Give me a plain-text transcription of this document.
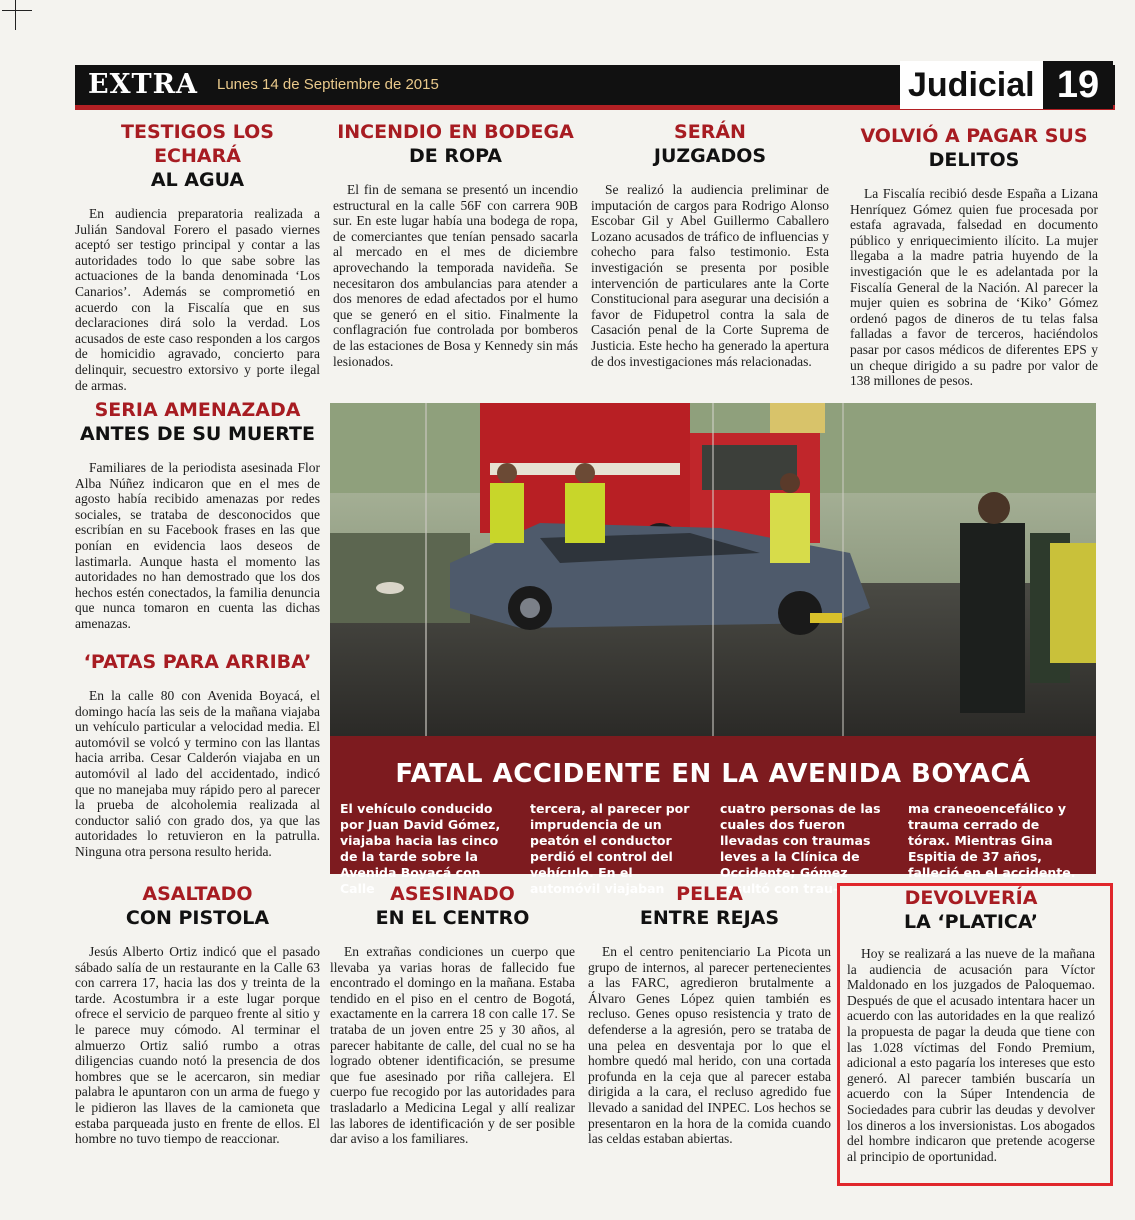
EXTRA Lunes 14 de Septiembre de 2015	Judicial 19
TESTIGOS LOS ECHARÁ
AL AGUA

En audiencia preparatoria realizada a Julián Sandoval Forero el pasado viernes aceptó ser testigo principal y contar a las autoridades todo lo que sabe sobre las actuaciones de la banda denominada ‘Los Canarios’. Además se comprometió en acuerdo con la Fiscalía que en sus declaraciones dirá solo la verdad. Los acusados de este caso responden a los cargos de homicidio agravado, concierto para delinquir, secuestro extorsivo y porte ilegal de armas.

INCENDIO EN BODEGA
DE ROPA

El fin de semana se presentó un incendio estructural en la calle 56F con carrera 90B sur. En este lugar había una bodega de ropa, de comerciantes que tenían pensado sacarla al mercado en el mes de diciembre aprovechando la temporada navideña. Se necesitaron dos ambulancias para atender a dos menores de edad afectados por el humo que se generó en el sitio. Finalmente la conflagración fue controlada por bomberos de las estaciones de Bosa y Kennedy sin más lesionados.

SERÁN
JUZGADOS

Se realizó la audiencia preliminar de imputación de cargos para Rodrigo Alonso Escobar Gil y Abel Guillermo Caballero Lozano acusados de tráfico de influencias y cohecho para falso testimonio. Esta investigación se presenta por posible intervención de particulares ante la Corte Constitucional para asegurar una decisión a favor de Fidupetrol contra la sala de Casación penal de la Corte Suprema de Justicia. Este hecho ha generado la apertura de dos investigaciones más relacionadas.

VOLVIÓ A PAGAR SUS
DELITOS

La Fiscalía recibió desde España a Lizana Henríquez Gómez quien fue procesada por estafa agravada, falsedad en documento público y enriquecimiento ilícito. La mujer llegaba a la madre patria huyendo de la investigación que le es adelantada por la Fiscalía General de la Nación. Al parecer la mujer quien es sobrina de ‘Kiko’ Gómez ordenó pagos de dineros de tu telas falsa falladas a favor de terceros, haciéndolos pasar por casos médicos de diferentes EPS y un cheque dirigido a su padre por valor de 138 millones de pesos.

SERIA AMENAZADA
ANTES DE SU MUERTE

Familiares de la periodista asesinada Flor Alba Núñez indicaron que en el mes de agosto había recibido amenazas por redes sociales, se trataba de desconocidos que escribían en su Facebook frases en las que ponían en evidencia laos deseos de lastimarla. Aunque hasta el momento las autoridades no han demostrado que los dos hechos estén conectados, la familia denuncia que nunca tomaron en cuenta las dichas amenazas.

‘PATAS PARA ARRIBA’

En la calle 80 con Avenida Boyacá, el domingo hacía las seis de la mañana viajaba un vehículo particular a velocidad media. El automóvil se volcó y termino con las llantas hacia arriba. Cesar Calderón viajaba en un automóvil al lado del accidentado, indicó que no manejaba muy rápido pero al parecer la prueba de alcoholemia realizada al conductor salió con grado dos, ya que las autoridades lo retuvieron en la patrulla. Ninguna otra persona resulto herida.

FATAL ACCIDENTE EN LA AVENIDA BOYACÁ

El vehículo conducido por Juan David Gómez, viajaba hacia las cinco de la tarde sobre la Avenida Boyacá con Calle

tercera, al parecer por imprudencia de un peatón el conductor perdió el control del vehículo. En el automóvil viajaban

cuatro personas de las cuales dos fueron llevadas con traumas leves a la Clínica de Occidente; Gómez resultó con trau-

ma craneoencefálico y trauma cerrado de tórax. Mientras Gina Espitia de 37 años, falleció en el accidente.

ASALTADO
CON PISTOLA

Jesús Alberto Ortiz indicó que el pasado sábado salía de un restaurante en la Calle 63 con carrera 17, hacia las dos y treinta de la tarde. Acostumbra ir a este lugar porque ofrece el servicio de parqueo frente al sitio y le parece muy cómodo. Al terminar el almuerzo Ortiz salió rumbo a otras diligencias cuando notó la presencia de dos hombres que se le acercaron, sin mediar palabra le apuntaron con un arma de fuego y le pidieron las llaves de la camioneta que estaba parqueada justo en frente de ellos. El hombre no tuvo tiempo de reaccionar.

ASESINADO
EN EL CENTRO

En extrañas condiciones un cuerpo que llevaba ya varias horas de fallecido fue encontrado el domingo en la mañana. Estaba tendido en el piso en el centro de Bogotá, exactamente en la carrera 18 con calle 17. Se trataba de un joven entre 25 y 30 años, al parecer habitante de calle, del cual no se ha logrado obtener identificación, se presume que fue asesinado por riña callejera. El cuerpo fue recogido por las autoridades para trasladarlo a Medicina Legal y allí realizar las labores de identificación y de ser posible dar aviso a los familiares.

PELEA
ENTRE REJAS

En el centro penitenciario La Picota un grupo de internos, al parecer pertenecientes a las FARC, agredieron brutalmente a Álvaro Genes López quien también es recluso. Genes opuso resistencia y trato de defenderse a la agresión, pero se trataba de una pelea en desventaja por lo que el hombre quedó mal herido, con una cortada profunda en la ceja que al parecer estaba dirigida a la cara, el recluso agredido fue llevado a sanidad del INPEC. Los hechos se presentaron en la hora de la comida cuando las celdas estaban abiertas.

DEVOLVERÍA
LA ‘PLATICA’

Hoy se realizará a las nueve de la mañana la audiencia de acusación para Víctor Maldonado en los juzgados de Paloquemao. Después de que el acusado intentara hacer un acuerdo con las autoridades en la que realizó la propuesta de pagar la deuda que tiene con las 1.028 víctimas del Fondo Premium, adicional a esto pagaría los intereses que esto generó. Al parecer también buscaría un acuerdo con la Súper Intendencia de Sociedades para cubrir las deudas y devolver los dineros a los inversionistas. Los abogados del hombre indicaron que pretende acogerse al principio de oportunidad.
